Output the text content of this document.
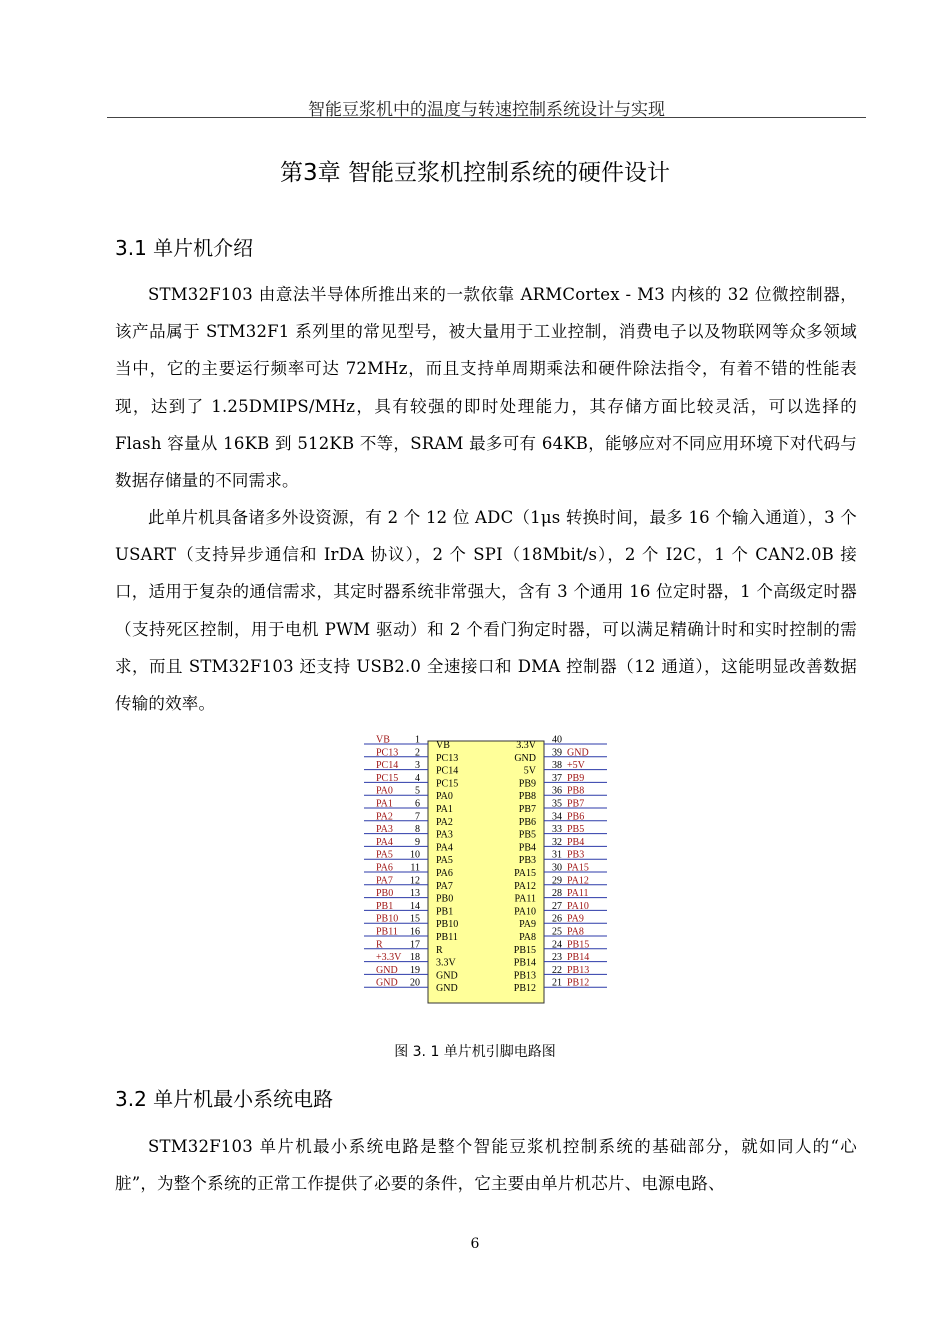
智能豆浆机中的温度与转速控制系统设计与实现
第3章 智能豆浆机控制系统的硬件设计
3.1 单片机介绍
STM32F103 由意法半导体所推出来的一款依靠 ARMCortex - M3 内核的 32 位微控制器，该产品属于 STM32F1 系列里的常见型号，被大量用于工业控制，消费电子以及物联网等众多领域当中，它的主要运行频率可达 72MHz，而且支持单周期乘法和硬件除法指令，有着不错的性能表现，达到了 1.25DMIPS/MHz，具有较强的即时处理能力，其存储方面比较灵活，可以选择的 Flash 容量从 16KB 到 512KB 不等，SRAM 最多可有 64KB，能够应对不同应用环境下对代码与数据存储量的不同需求。
此单片机具备诸多外设资源，有 2 个 12 位 ADC（1μs 转换时间，最多 16 个输入通道），3 个 USART（支持异步通信和 IrDA 协议），2 个 SPI（18Mbit/s），2 个 I2C，1 个 CAN2.0B 接口，适用于复杂的通信需求，其定时器系统非常强大，含有 3 个通用 16 位定时器，1 个高级定时器（支持死区控制，用于电机 PWM 驱动）和 2 个看门狗定时器，可以满足精确计时和实时控制的需求，而且 STM32F103 还支持 USB2.0 全速接口和 DMA 控制器（12 通道），这能明显改善数据传输的效率。
VB	1 VB
PC13 2 PC13
PC14 3 PC14
PC15 4 PC15
PA0 5 PA0
PA1 6 PA1
PA2 7 PA2
PA3 8 PA3
PA4 9 PA4
PA5 10 PA5
PA6 11 PA6
PA7 12 PA7
PB0 13 PB0
PB1 14 PB1
PB10 15 PB10
PB11 16 PB11
R	17 R
+3.3V 18 3.3V
GND 19 GND
GND 20 GND
3.3V 40
GND 39 GND
5V 38 +5V
PB9 37 PB9
PB8 36 PB8
PB7 35 PB7
PB6 34 PB6
PB5 33 PB5
PB4 32 PB4
PB3 31 PB3
PA15 30 PA15
PA12 29 PA12
PA11 28 PA11
PA10 27 PA10
PA9 26 PA9
PA8 25 PA8
PB15 24 PB15
PB14 23 PB14
PB13 22 PB13
PB12 21 PB12
图 3. 1 单片机引脚电路图
3.2 单片机最小系统电路
STM32F103 单片机最小系统电路是整个智能豆浆机控制系统的基础部分，就如同人的“心脏”，为整个系统的正常工作提供了必要的条件，它主要由单片机芯片、电源电路、
6
